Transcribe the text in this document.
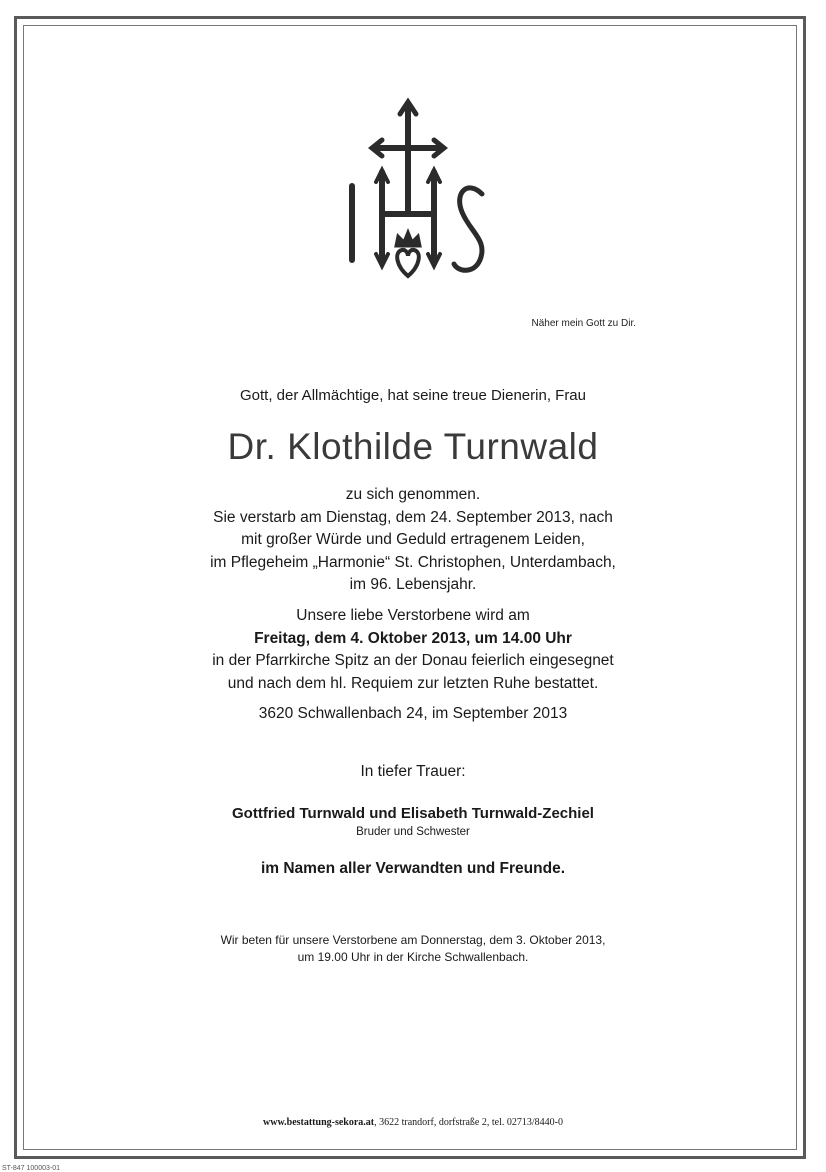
Näher mein Gott zu Dir.
Gott, der Allmächtige, hat seine treue Dienerin, Frau
Dr. Klothilde Turnwald
zu sich genommen.
Sie verstarb am Dienstag, dem 24. September 2013, nach
mit großer Würde und Geduld ertragenem Leiden,
im Pflegeheim „Harmonie“ St. Christophen, Unterdambach,
im 96. Lebensjahr.
Unsere liebe Verstorbene wird am
Freitag, dem 4. Oktober 2013, um 14.00 Uhr
in der Pfarrkirche Spitz an der Donau feierlich eingesegnet
und nach dem hl. Requiem zur letzten Ruhe bestattet.
3620 Schwallenbach 24, im September 2013
In tiefer Trauer:
Gottfried Turnwald und Elisabeth Turnwald-Zechiel
Bruder und Schwester
im Namen aller Verwandten und Freunde.
Wir beten für unsere Verstorbene am Donnerstag, dem 3. Oktober 2013,
um 19.00 Uhr in der Kirche Schwallenbach.
www.bestattung-sekora.at, 3622 trandorf, dorfstraße 2, tel. 02713/8440-0
ST-847 100003-01
